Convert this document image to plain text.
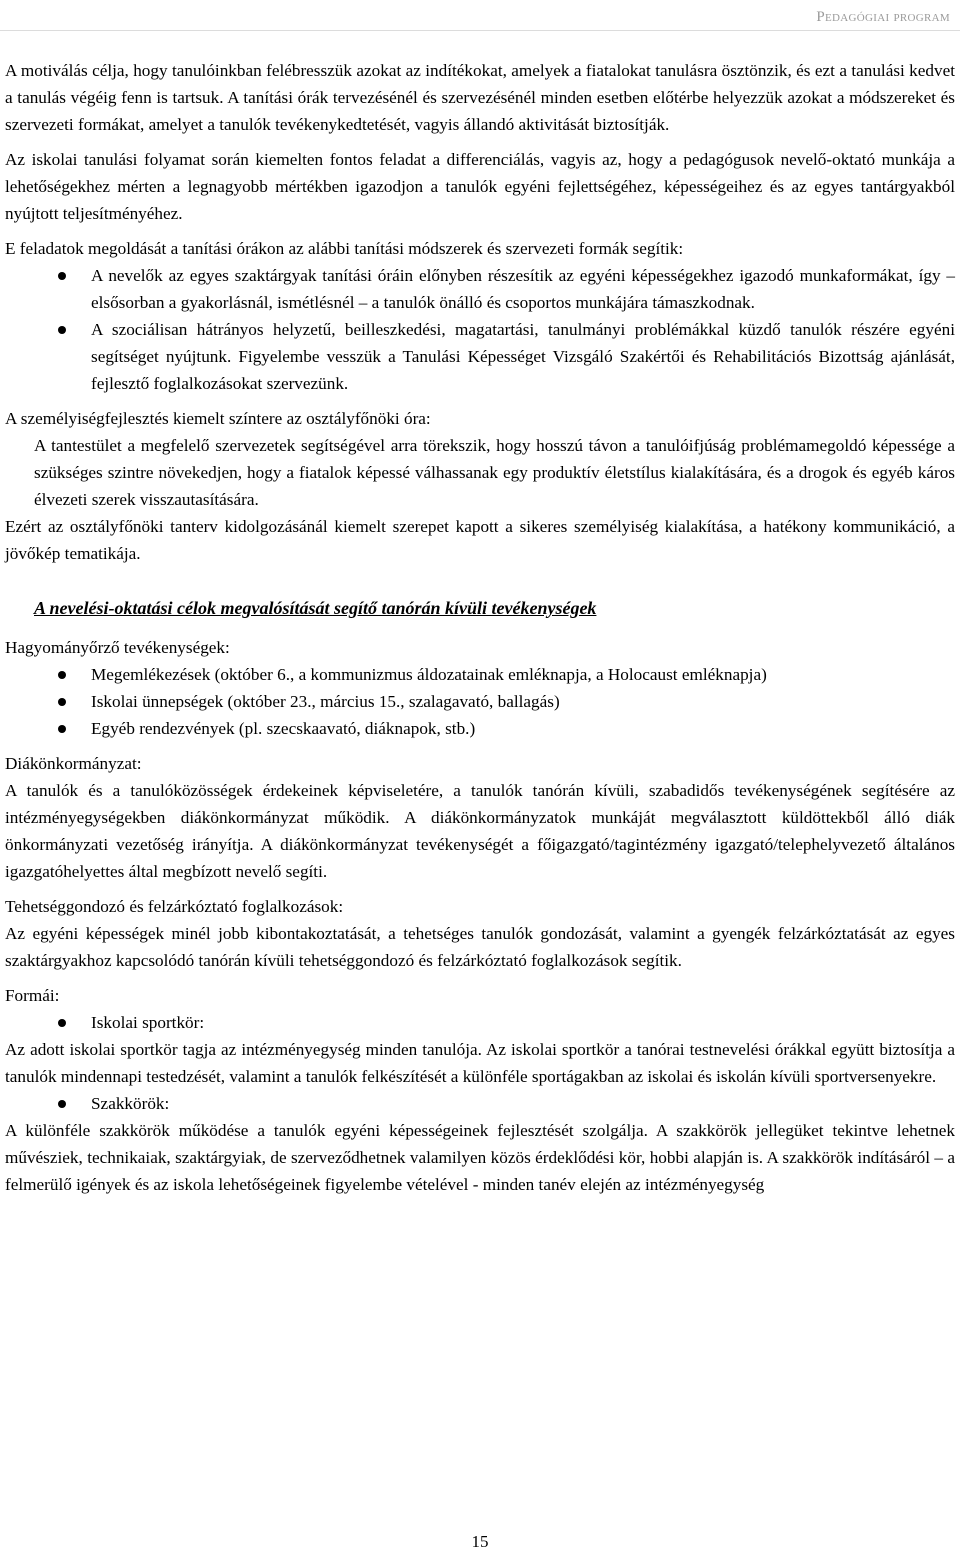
Pedagógiai program

A motiválás célja, hogy tanulóinkban felébresszük azokat az indítékokat, amelyek a fiatalokat tanulásra ösztönzik, és ezt a tanulási kedvet a tanulás végéig fenn is tartsuk. A tanítási órák tervezésénél és szervezésénél minden esetben előtérbe helyezzük azokat a módszereket és szervezeti formákat, amelyet a tanulók tevékenykedtetését, vagyis állandó aktivitását biztosítják.

Az iskolai tanulási folyamat során kiemelten fontos feladat a differenciálás, vagyis az, hogy a pedagógusok nevelő-oktató munkája a lehetőségekhez mérten a legnagyobb mértékben igazodjon a tanulók egyéni fejlettségéhez, képességeihez és az egyes tantárgyakból nyújtott teljesítményéhez.

E feladatok megoldását a tanítási órákon az alábbi tanítási módszerek és szervezeti formák segítik:

A nevelők az egyes szaktárgyak tanítási óráin előnyben részesítik az egyéni képességekhez igazodó munkaformákat, így – elsősorban a gyakorlásnál, ismétlésnél – a tanulók önálló és csoportos munkájára támaszkodnak.
A szociálisan hátrányos helyzetű, beilleszkedési, magatartási, tanulmányi problémákkal küzdő tanulók részére egyéni segítséget nyújtunk. Figyelembe vesszük a Tanulási Képességet Vizsgáló Szakértői és Rehabilitációs Bizottság ajánlását, fejlesztő foglalkozásokat szervezünk.

A személyiségfejlesztés kiemelt színtere az osztályfőnöki óra:

A tantestület a megfelelő szervezetek segítségével arra törekszik, hogy hosszú távon a tanulóifjúság problémamegoldó képessége a szükséges szintre növekedjen, hogy a fiatalok képessé válhassanak egy produktív életstílus kialakítására, és a drogok és egyéb káros élvezeti szerek visszautasítására.

Ezért az osztályfőnöki tanterv kidolgozásánál kiemelt szerepet kapott a sikeres személyiség kialakítása, a hatékony kommunikáció, a jövőkép tematikája.

A nevelési-oktatási célok megvalósítását segítő tanórán kívüli tevékenységek

Hagyományőrző tevékenységek:

Megemlékezések (október 6., a kommunizmus áldozatainak emléknapja, a Holocaust emléknapja)
Iskolai ünnepségek (október 23., március 15., szalagavató, ballagás)
Egyéb rendezvények (pl. szecskaavató, diáknapok, stb.)

Diákönkormányzat:

A tanulók és a tanulóközösségek érdekeinek képviseletére, a tanulók tanórán kívüli, szabadidős tevékenységének segítésére az intézményegységekben diákönkormányzat működik. A diákönkormányzatok munkáját megválasztott küldöttekből álló diák önkormányzati vezetőség irányítja. A diákönkormányzat tevékenységét a főigazgató/tagintézmény igazgató/telephelyvezető általános igazgatóhelyettes által megbízott nevelő segíti.

Tehetséggondozó és felzárkóztató foglalkozások:

Az egyéni képességek minél jobb kibontakoztatását, a tehetséges tanulók gondozását, valamint a gyengék felzárkóztatását az egyes szaktárgyakhoz kapcsolódó tanórán kívüli tehetséggondozó és felzárkóztató foglalkozások segítik.

Formái:

Iskolai sportkör:

Az adott iskolai sportkör tagja az intézményegység minden tanulója. Az iskolai sportkör a tanórai testnevelési órákkal együtt biztosítja a tanulók mindennapi testedzését, valamint a tanulók felkészítését a különféle sportágakban az iskolai és iskolán kívüli sportversenyekre.

Szakkörök:

A különféle szakkörök működése a tanulók egyéni képességeinek fejlesztését szolgálja. A szakkörök jellegüket tekintve lehetnek művésziek, technikaiak, szaktárgyiak, de szerveződhetnek valamilyen közös érdeklődési kör, hobbi alapján is. A szakkörök indításáról – a felmerülő igények és az iskola lehetőségeinek figyelembe vételével - minden tanév elején az intézményegység

15
